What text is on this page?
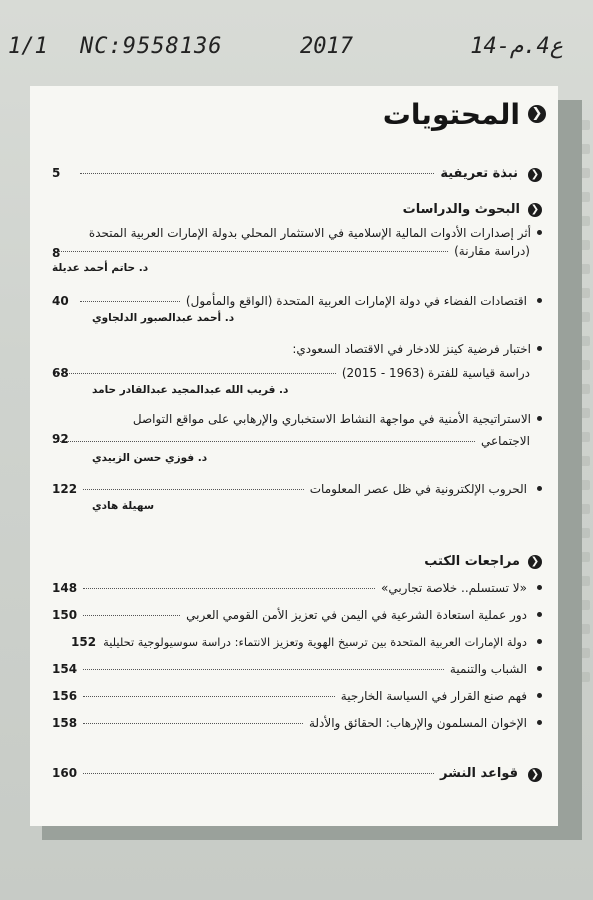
1/1 NC:9558136	2017	14-ع4.م
❮
المحتويات
❮
نبذة تعريفية
5
❮
البحوث والدراسات
أثر إصدارات الأدوات المالية الإسلامية في الاستثمار المحلي بدولة الإمارات العربية المتحدة
(دراسة مقارنة)
د. حاتم أحمد عديلة
8
اقتصادات الفضاء في دولة الإمارات العربية المتحدة (الواقع والمأمول)
40
د. أحمد عبدالصبور الدلجاوي
اختبار فرضية كينز للادخار في الاقتصاد السعودي:
دراسة قياسية للفترة (1963 - 2015)
د. قريب الله عبدالمجيد عبدالقادر حامد
68
الاستراتيجية الأمنية في مواجهة النشاط الاستخباري والإرهابي على مواقع التواصل
الاجتماعي
د. فوزي حسن الزبيدي
92
الحروب الإلكترونية في ظل عصر المعلومات
122
سهيلة هادي
❮
مراجعات الكتب
«لا تستسلم.. خلاصة تجاربي»
148
دور عملية استعادة الشرعية في اليمن في تعزيز الأمن القومي العربي
150
دولة الإمارات العربية المتحدة بين ترسيخ الهوية وتعزيز الانتماء: دراسة سوسيولوجية تحليلية
152
الشباب والتنمية
154
فهم صنع القرار في السياسة الخارجية
156
الإخوان المسلمون والإرهاب: الحقائق والأدلة
158
❮
قواعد النشر
160
